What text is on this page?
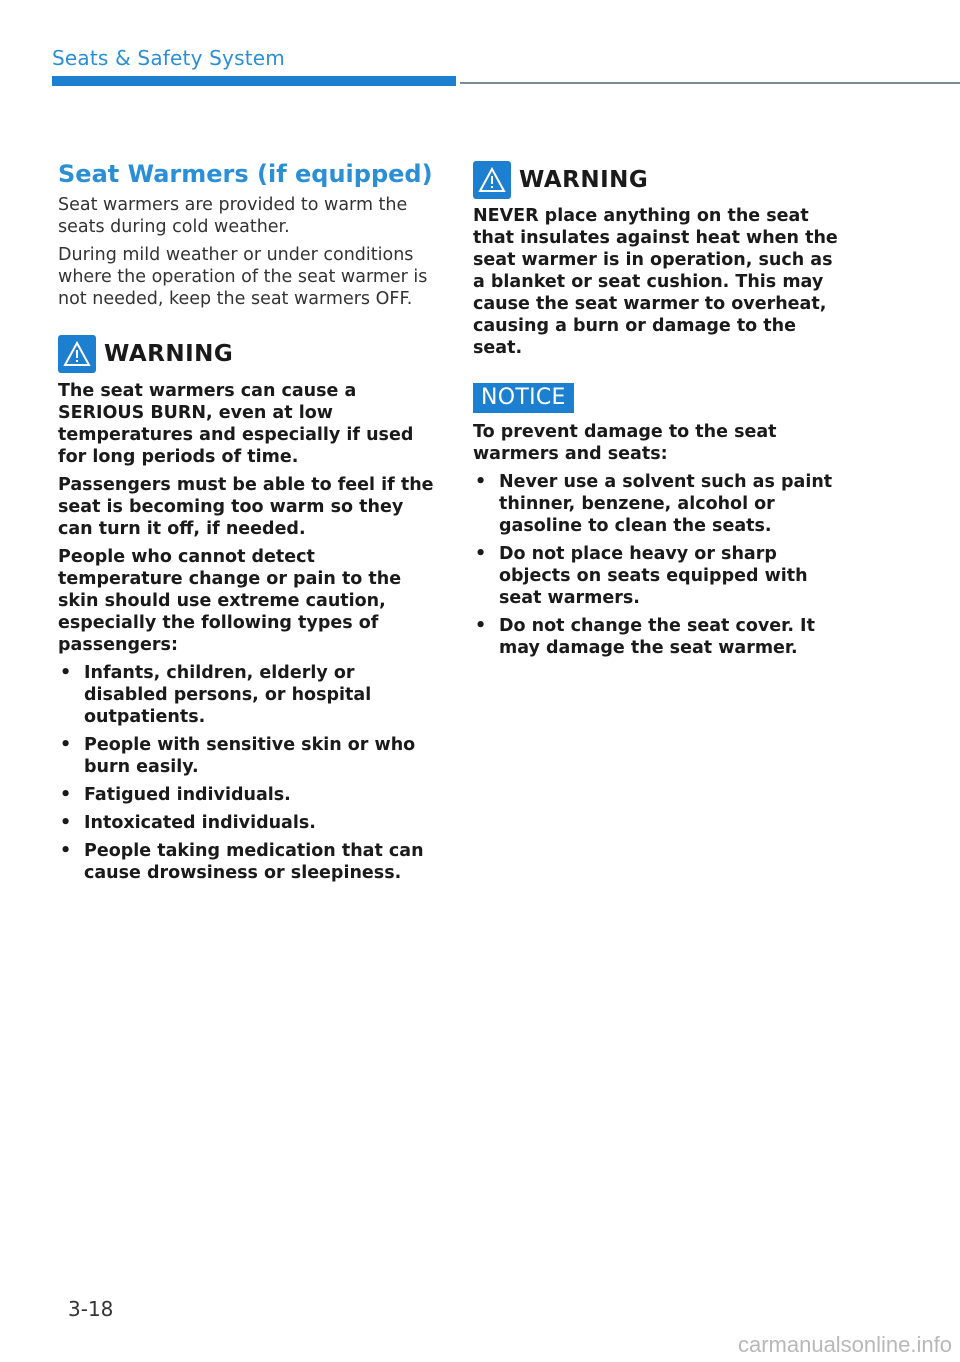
Seats & Safety System
Seat Warmers (if equipped)

Seat warmers are provided to warm the seats during cold weather.

During mild weather or under conditions where the operation of the seat warmer is not needed, keep the seat warmers OFF.

WARNING

The seat warmers can cause a SERIOUS BURN, even at low temperatures and especially if used for long periods of time.

Passengers must be able to feel if the seat is becoming too warm so they can turn it off, if needed.

People who cannot detect temperature change or pain to the skin should use extreme caution, especially the following types of passengers:

• Infants, children, elderly or disabled persons, or hospital outpatients.
• People with sensitive skin or who burn easily.
• Fatigued individuals.
• Intoxicated individuals.
• People taking medication that can cause drowsiness or sleepiness.
WARNING

NEVER place anything on the seat that insulates against heat when the seat warmer is in operation, such as a blanket or seat cushion. This may cause the seat warmer to overheat, causing a burn or damage to the seat.

NOTICE

To prevent damage to the seat warmers and seats:

• Never use a solvent such as paint thinner, benzene, alcohol or gasoline to clean the seats.
• Do not place heavy or sharp objects on seats equipped with seat warmers.
• Do not change the seat cover. It may damage the seat warmer.
3-18
carmanualsonline.info
